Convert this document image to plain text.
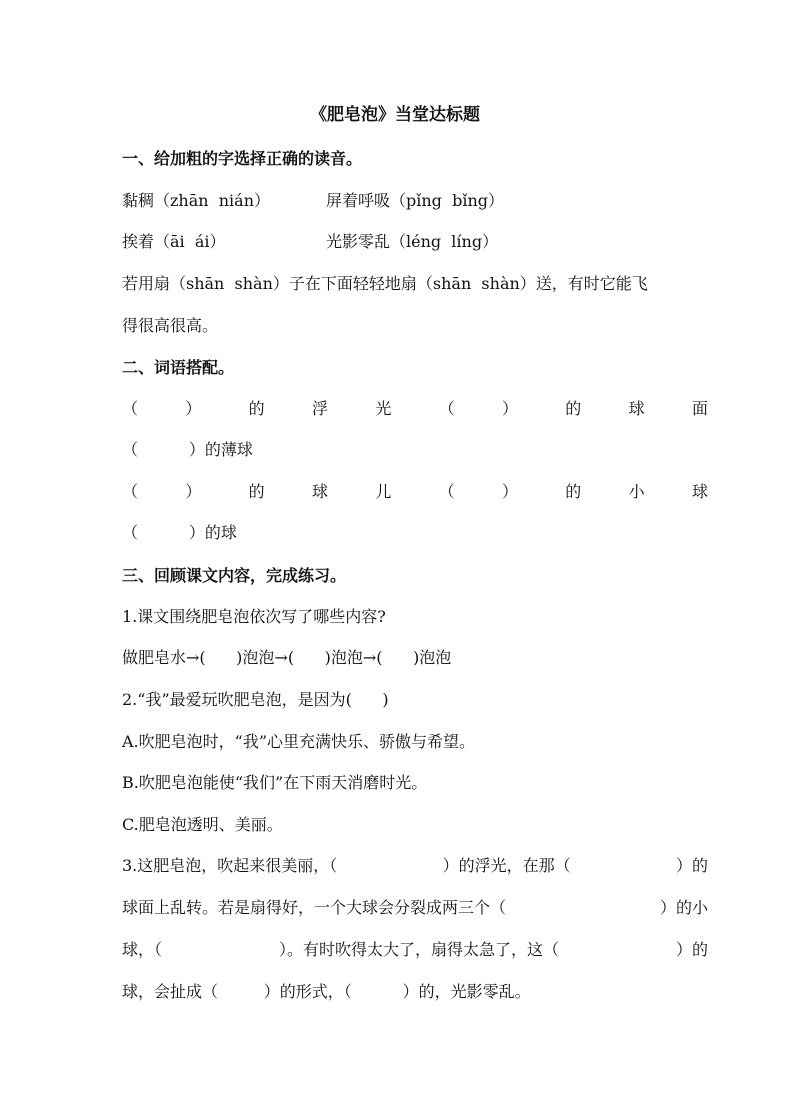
《肥皂泡》当堂达标题
一、给加粗的字选择正确的读音。
黏稠（zhān  nián）	屏着呼吸（pǐng  bǐng）
挨着（āi  ái）	光影零乱（léng  líng）
若用扇（shān  shàn）子在下面轻轻地扇（shān  shàn）送，有时它能飞
得很高很高。
二、词语搭配。
（	）	的	浮	光	（	）	的	球	面
（          ）的薄球
（	）	的	球	儿	（	）	的	小	球
（          ）的球
三、回顾课文内容，完成练习。
1.课文围绕肥皂泡依次写了哪些内容?
做肥皂水→(      )泡泡→(      )泡泡→(      )泡泡
2.“我”最爱玩吹肥皂泡，是因为(      )
A.吹肥皂泡时，“我”心里充满快乐、骄傲与希望。
B.吹肥皂泡能使“我们”在下雨天消磨时光。
C.肥皂泡透明、美丽。
3.这肥皂泡，吹起来很美丽，（	）的浮光，在那（	）的
球面上乱转。若是扇得好，一个大球会分裂成两三个（	）的小
球，（	）。有时吹得太大了，扇得太急了，这（	）的
球，会扯成（         ）的形式，（          ）的，光影零乱。
